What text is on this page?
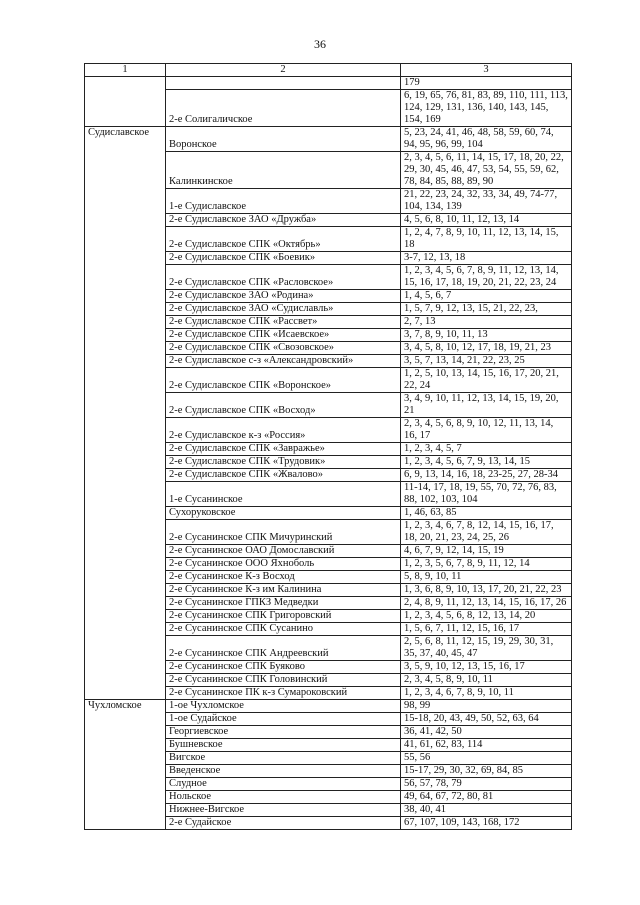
36
1	2	3
		179
	2-е Солигаличское	6, 19, 65, 76, 81, 83, 89, 110, 111, 113, 124, 129, 131, 136, 140, 143, 145, 154, 169
Судиславское	Воронское	5, 23, 24, 41, 46, 48, 58, 59, 60, 74, 94, 95, 96, 99, 104
	Калинкинское	2, 3, 4, 5, 6, 11, 14, 15, 17, 18, 20, 22, 29, 30, 45, 46, 47, 53, 54, 55, 59, 62, 78, 84, 85, 88, 89, 90
	1-е Судиславское	21, 22, 23, 24, 32, 33, 34, 49, 74-77, 104, 134, 139
	2-е Судиславское ЗАО «Дружба»	4, 5, 6, 8, 10, 11, 12, 13, 14
	2-е Судиславское СПК «Октябрь»	1, 2, 4, 7, 8, 9, 10, 11, 12, 13, 14, 15, 18
	2-е Судиславское СПК «Боевик»	3-7, 12, 13, 18
	2-е Судиславское СПК «Расловское»	1, 2, 3, 4, 5, 6, 7, 8, 9, 11, 12, 13, 14, 15, 16, 17, 18, 19, 20, 21, 22, 23, 24
	2-е Судиславское ЗАО «Родина»	1, 4, 5, 6, 7
	2-е Судиславское ЗАО «Судиславль»	1, 5, 7, 9, 12, 13, 15, 21, 22, 23,
	2-е Судиславское СПК «Рассвет»	2, 7, 13
	2-е Судиславское СПК «Исаевское»	3, 7, 8, 9, 10, 11, 13
	2-е Судиславское СПК «Свозовское»	3, 4, 5, 8, 10, 12, 17, 18, 19, 21, 23
	2-е Судиславское с-з «Александровский»	3, 5, 7, 13, 14, 21, 22, 23, 25
	2-е Судиславское СПК «Воронское»	1, 2, 5, 10, 13, 14, 15, 16, 17, 20, 21, 22, 24
	2-е Судиславское СПК «Восход»	3, 4, 9, 10, 11, 12, 13, 14, 15, 19, 20, 21
	2-е Судиславское к-з «Россия»	2, 3, 4, 5, 6, 8, 9, 10, 12, 11, 13, 14, 16, 17
	2-е Судиславское СПК «Завражье»	1, 2, 3, 4, 5, 7
	2-е Судиславское СПК «Трудовик»	1, 2, 3, 4, 5, 6, 7, 9, 13, 14, 15
	2-е Судиславское СПК «Жвалово»	6, 9, 13, 14, 16, 18, 23-25, 27, 28-34
	1-е Сусанинское	11-14, 17, 18, 19, 55, 70, 72, 76, 83, 88, 102, 103, 104
	Сухоруковское	1, 46, 63, 85
	2-е Сусанинское СПК Мичуринский	1, 2, 3, 4, 6, 7, 8, 12, 14, 15, 16, 17, 18, 20, 21, 23, 24, 25, 26
	2-е Сусанинское ОАО Домославский	4, 6, 7, 9, 12, 14, 15, 19
	2-е Сусанинское ООО Яхноболь	1, 2, 3, 5, 6, 7, 8, 9, 11, 12, 14
	2-е Сусанинское К-з Восход	5, 8, 9, 10, 11
	2-е Сусанинское К-з им Калинина	1, 3, 6, 8, 9, 10, 13, 17, 20, 21, 22, 23
	2-е Сусанинское ГПКЗ Медведки	2, 4, 8, 9, 11, 12, 13, 14, 15, 16, 17, 26
	2-е Сусанинское СПК Григоровский	1, 2, 3, 4, 5, 6, 8, 12, 13, 14, 20
	2-е Сусанинское СПК Сусанино	1, 5, 6, 7, 11, 12, 15, 16, 17
	2-е Сусанинское СПК Андреевский	2, 5, 6, 8, 11, 12, 15, 19, 29, 30, 31, 35, 37, 40, 45, 47
	2-е Сусанинское СПК Буяково	3, 5, 9, 10, 12, 13, 15, 16, 17
	2-е Сусанинское СПК Головинский	2, 3, 4, 5, 8, 9, 10, 11
	2-е Сусанинское ПК к-з Сумароковский	1, 2, 3, 4, 6, 7, 8, 9, 10, 11
Чухломское	1-ое Чухломское	98, 99
	1-ое Судайское	15-18, 20, 43, 49, 50, 52, 63, 64
	Георгиевское	36, 41, 42, 50
	Бушневское	41, 61, 62, 83, 114
	Вигское	55, 56
	Введенское	15-17, 29, 30, 32, 69, 84, 85
	Слудное	56, 57, 78, 79
	Нольское	49, 64, 67, 72, 80, 81
	Нижнее-Вигское	38, 40, 41
	2-е Судайское	67, 107, 109, 143, 168, 172
